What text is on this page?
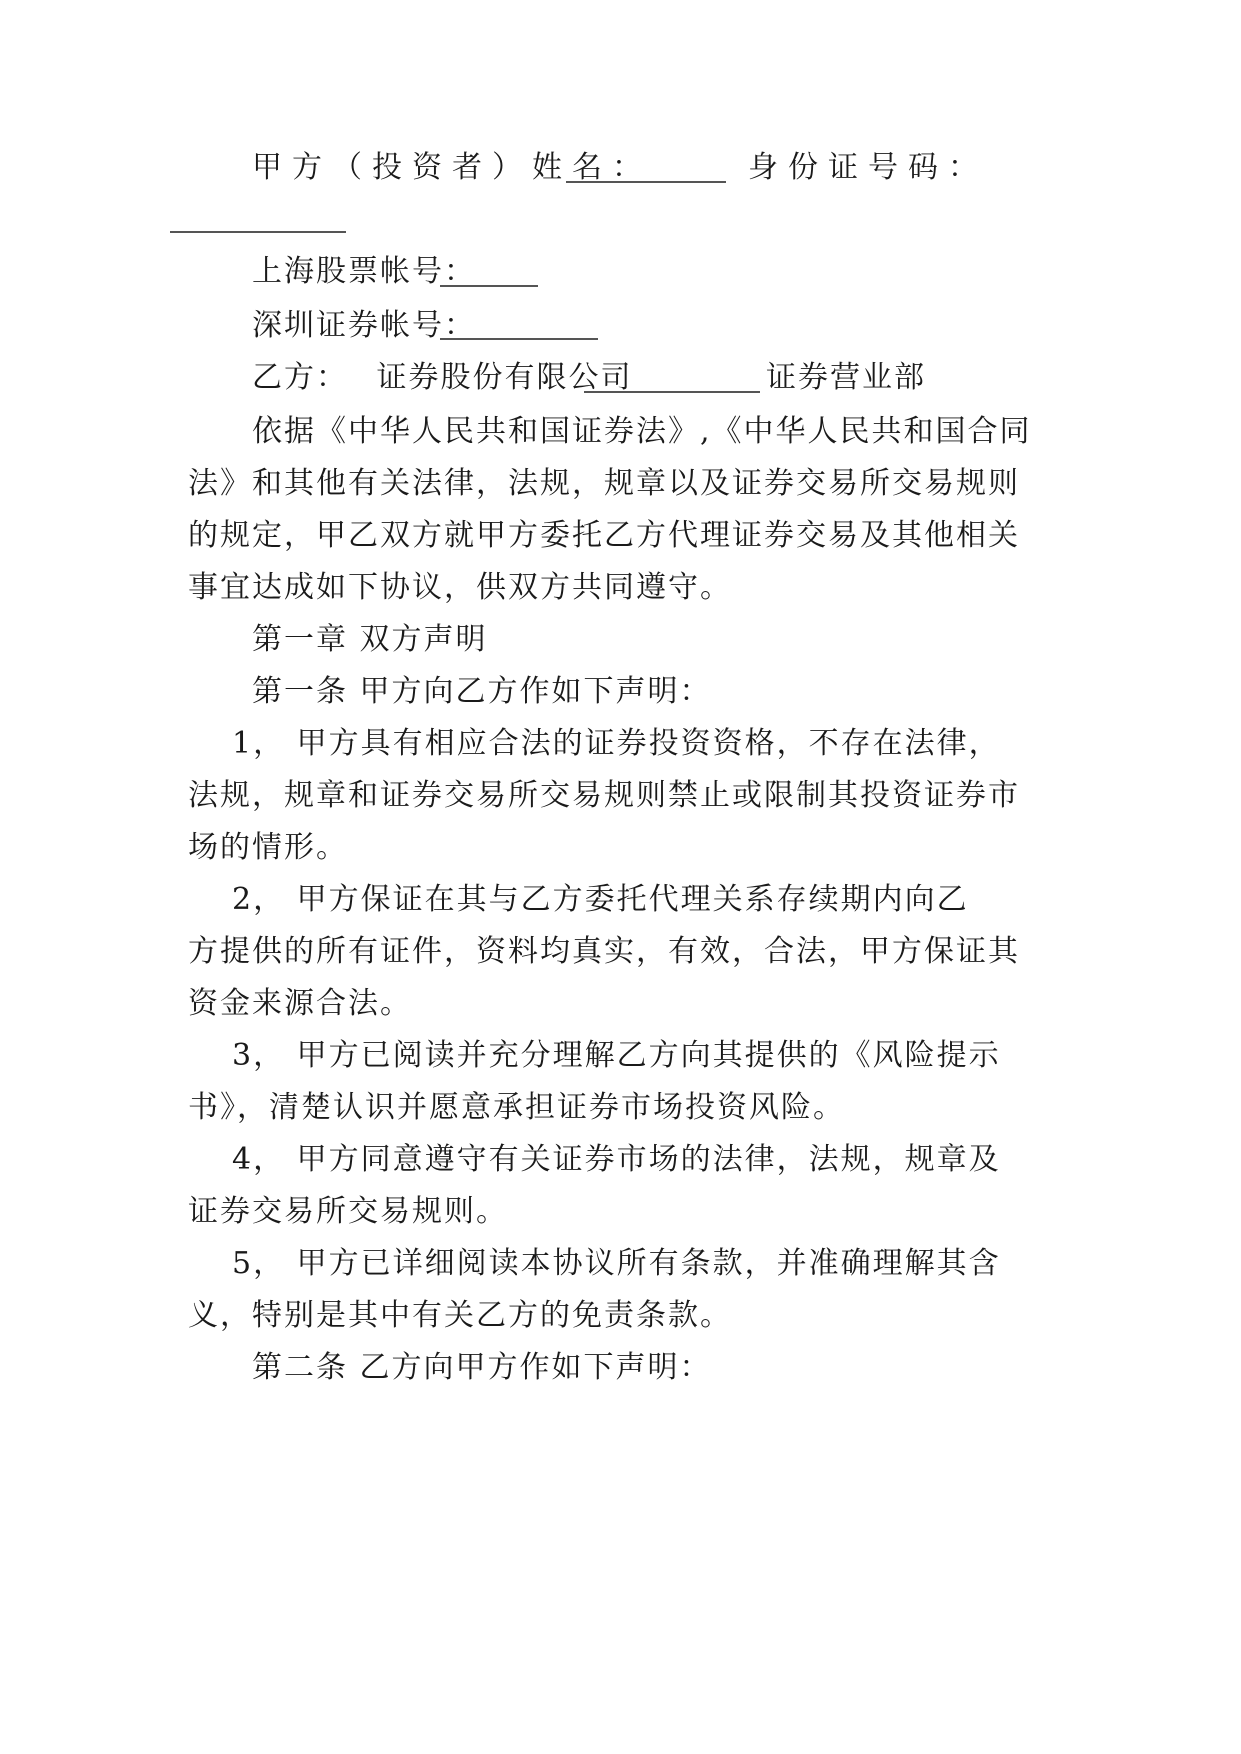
甲方（投资者）姓名：	身份证号码：
上海股票帐号：
深圳证券帐号：
乙方：　 证券股份有限公司	证券营业部
依据《中华人民共和国证券法》,《中华人民共和国合同
法》和其他有关法律，法规，规章以及证券交易所交易规则
的规定，甲乙双方就甲方委托乙方代理证券交易及其他相关
事宜达成如下协议，供双方共同遵守。
第一章 双方声明
第一条 甲方向乙方作如下声明：
1， 甲方具有相应合法的证券投资资格，不存在法律，
法规，规章和证券交易所交易规则禁止或限制其投资证券市
场的情形。
2， 甲方保证在其与乙方委托代理关系存续期内向乙
方提供的所有证件，资料均真实，有效，合法，甲方保证其
资金来源合法。
3， 甲方已阅读并充分理解乙方向其提供的《风险提示
书》，清楚认识并愿意承担证券市场投资风险。
4， 甲方同意遵守有关证券市场的法律，法规，规章及
证券交易所交易规则。
5， 甲方已详细阅读本协议所有条款，并准确理解其含
义，特别是其中有关乙方的免责条款。
第二条 乙方向甲方作如下声明：
